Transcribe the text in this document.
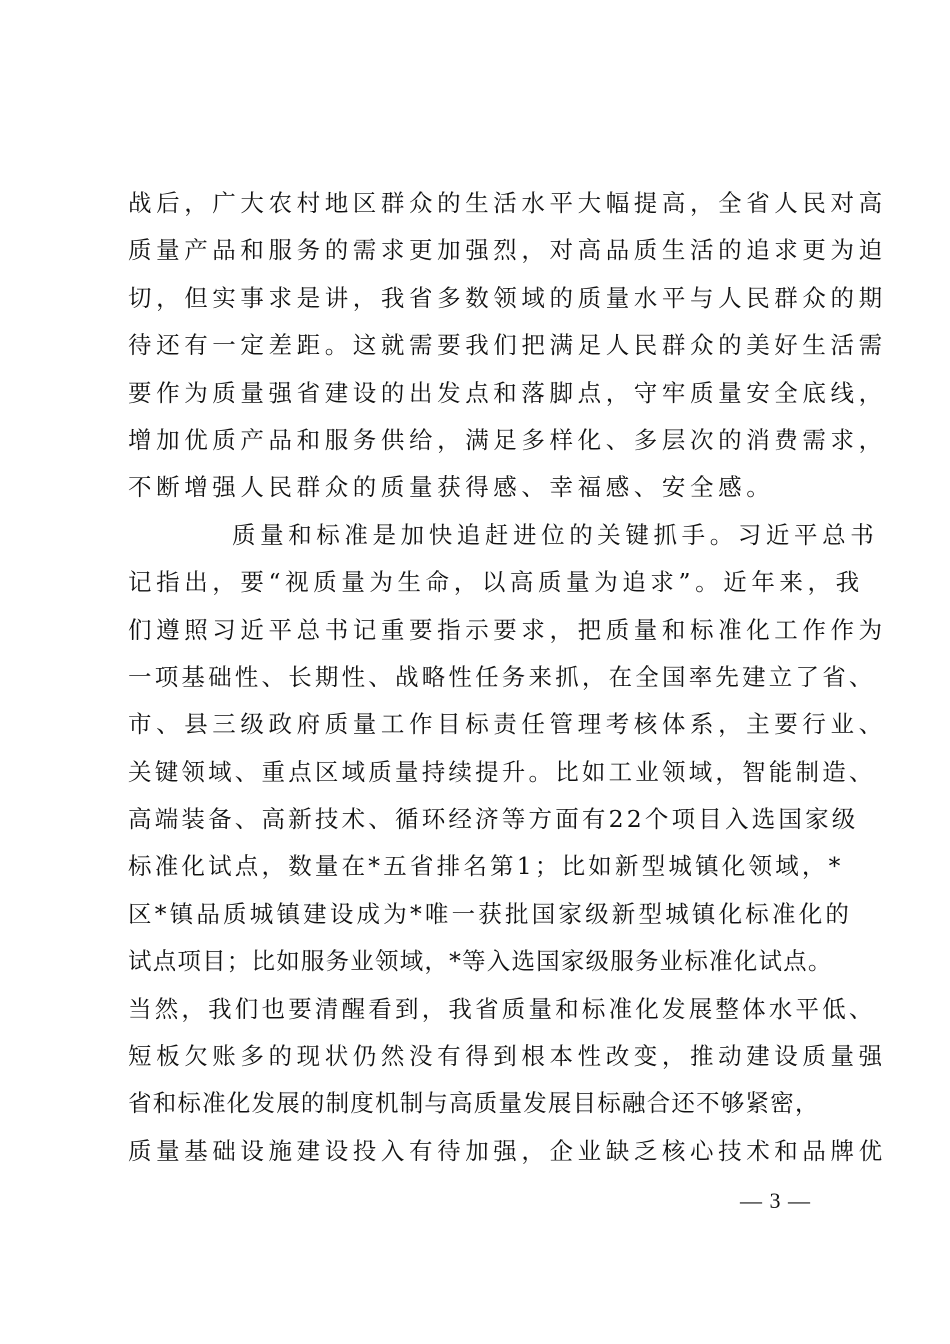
战后，广大农村地区群众的生活水平大幅提高，全省人民对高
质量产品和服务的需求更加强烈，对高品质生活的追求更为迫
切，但实事求是讲，我省多数领域的质量水平与人民群众的期
待还有一定差距。这就需要我们把满足人民群众的美好生活需
要作为质量强省建设的出发点和落脚点，守牢质量安全底线，
增加优质产品和服务供给，满足多样化、多层次的消费需求，
不断增强人民群众的质量获得感、幸福感、安全感。
质量和标准是加快追赶进位的关键抓手。习近平总书
记指出，要“视质量为生命，以高质量为追求”。近年来，我
们遵照习近平总书记重要指示要求，把质量和标准化工作作为
一项基础性、长期性、战略性任务来抓，在全国率先建立了省、
市、县三级政府质量工作目标责任管理考核体系，主要行业、
关键领域、重点区域质量持续提升。比如工业领域，智能制造、
高端装备、高新技术、循环经济等方面有22个项目入选国家级
标准化试点，数量在*五省排名第1；比如新型城镇化领域，*
区*镇品质城镇建设成为*唯一获批国家级新型城镇化标准化的
试点项目；比如服务业领域，*等入选国家级服务业标准化试点。
当然，我们也要清醒看到，我省质量和标准化发展整体水平低、
短板欠账多的现状仍然没有得到根本性改变，推动建设质量强
省和标准化发展的制度机制与高质量发展目标融合还不够紧密，
质量基础设施建设投入有待加强，企业缺乏核心技术和品牌优
— 3 —
